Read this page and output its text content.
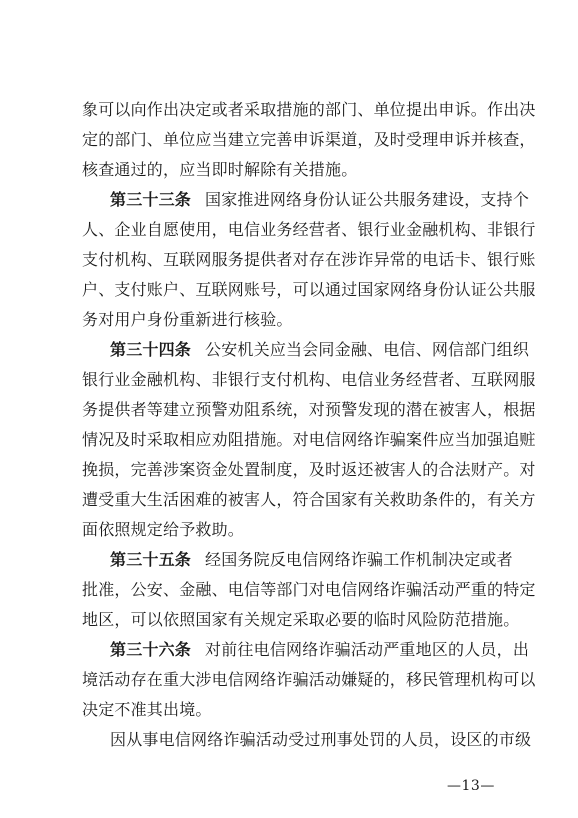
象可以向作出决定或者采取措施的部门、单位提出申诉。作出决
定的部门、单位应当建立完善申诉渠道，及时受理申诉并核查，
核查通过的，应当即时解除有关措施。
第三十三条 国家推进网络身份认证公共服务建设，支持个
人、企业自愿使用，电信业务经营者、银行业金融机构、非银行
支付机构、互联网服务提供者对存在涉诈异常的电话卡、银行账
户、支付账户、互联网账号，可以通过国家网络身份认证公共服
务对用户身份重新进行核验。
第三十四条 公安机关应当会同金融、电信、网信部门组织
银行业金融机构、非银行支付机构、电信业务经营者、互联网服
务提供者等建立预警劝阻系统，对预警发现的潜在被害人，根据
情况及时采取相应劝阻措施。对电信网络诈骗案件应当加强追赃
挽损，完善涉案资金处置制度，及时返还被害人的合法财产。对
遭受重大生活困难的被害人，符合国家有关救助条件的，有关方
面依照规定给予救助。
第三十五条 经国务院反电信网络诈骗工作机制决定或者
批准，公安、金融、电信等部门对电信网络诈骗活动严重的特定
地区，可以依照国家有关规定采取必要的临时风险防范措施。
第三十六条 对前往电信网络诈骗活动严重地区的人员，出
境活动存在重大涉电信网络诈骗活动嫌疑的，移民管理机构可以
决定不准其出境。
因从事电信网络诈骗活动受过刑事处罚的人员，设区的市级
—13—
